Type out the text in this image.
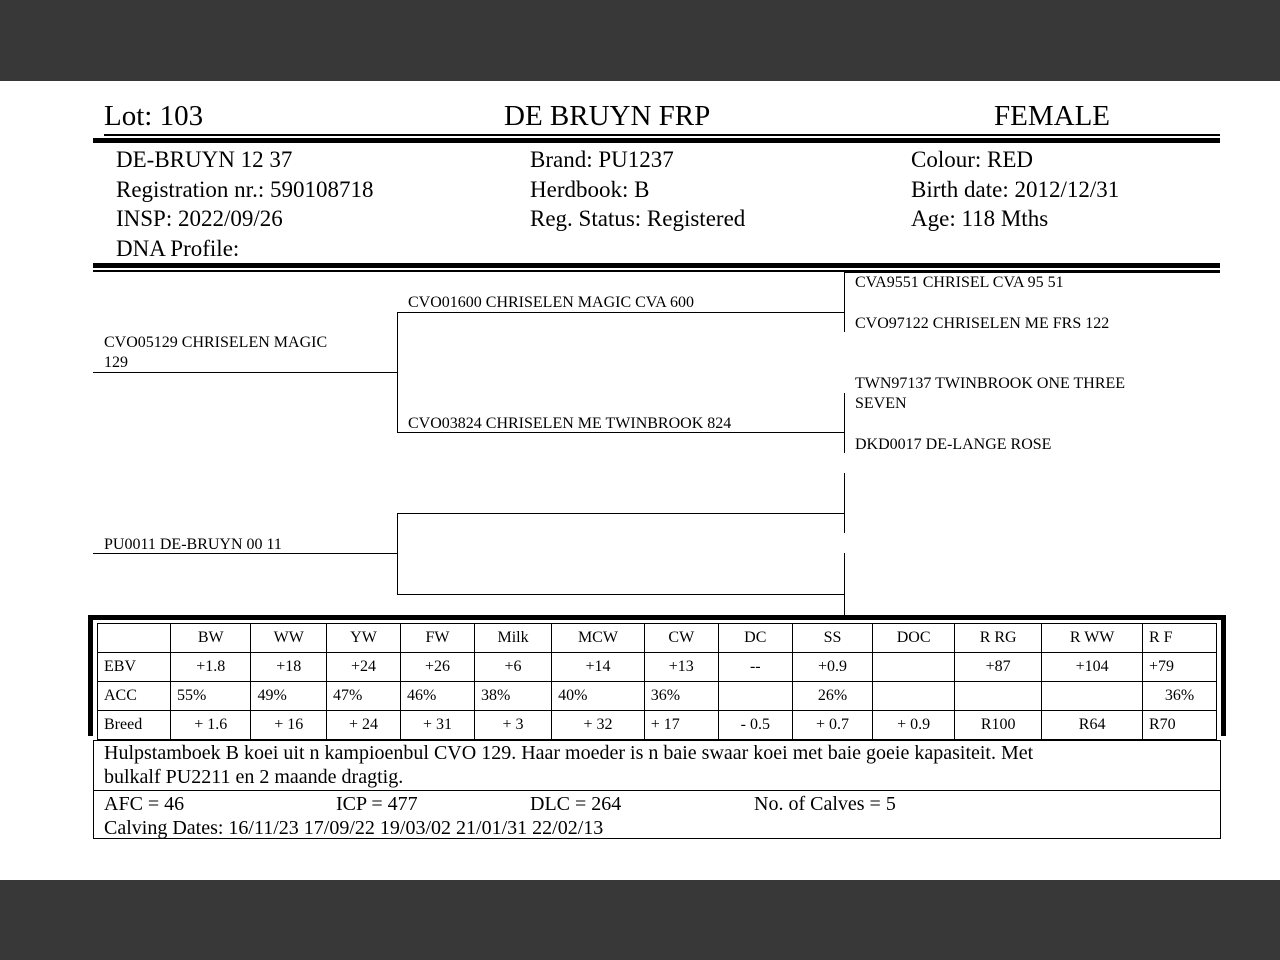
Lot: 103	DE BRUYN FRP	FEMALE
DE-BRUYN 12 37
Registration nr.: 590108718
INSP: 2022/09/26
DNA Profile:
Brand: PU1237
Herdbook: B
Reg. Status: Registered
Colour: RED
Birth date: 2012/12/31
Age: 118 Mths
CVO05129 CHRISELEN MAGIC
129
CVO01600 CHRISELEN MAGIC CVA 600
CVO03824 CHRISELEN ME TWINBROOK 824
CVA9551 CHRISEL CVA 95 51
CVO97122 CHRISELEN ME FRS 122
TWN97137 TWINBROOK ONE THREE
SEVEN
DKD0017 DE-LANGE ROSE
PU0011 DE-BRUYN 00 11
	BW	WW	YW	FW	Milk	MCW	CW	DC	SS	DOC	R RG	R WW	R F
EBV	+1.8	+18	+24	+26	+6	+14	+13	--	+0.9		+87	+104	+79
ACC	55%	49%	47%	46%	38%	40%	36%		26%				36%
Breed	+ 1.6	+ 16	+ 24	+ 31	+ 3	+ 32	+ 17	- 0.5	+ 0.7	+ 0.9	R100	R64	R70
Hulpstamboek B koei uit n kampioenbul CVO 129. Haar moeder is n baie swaar koei met baie goeie kapasiteit. Met
bulkalf PU2211 en 2 maande dragtig.
AFC = 46	ICP = 477	DLC = 264	No. of Calves = 5
Calving Dates: 16/11/23 17/09/22 19/03/02 21/01/31 22/02/13
